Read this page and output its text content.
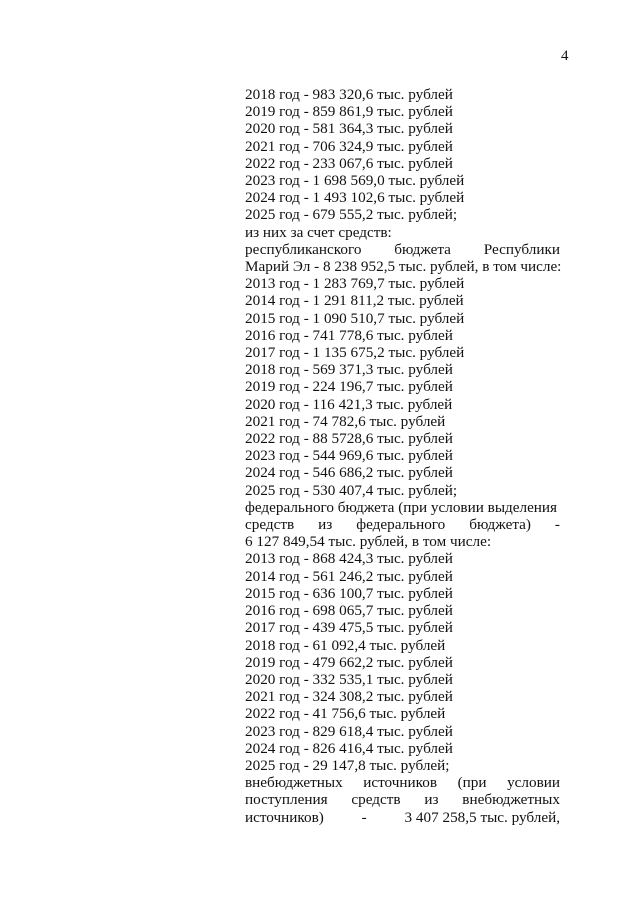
4
2018 год - 983 320,6 тыс. рублей
2019 год - 859 861,9 тыс. рублей
2020 год - 581 364,3 тыс. рублей
2021 год - 706 324,9 тыс. рублей
2022 год - 233 067,6 тыс. рублей
2023 год - 1 698 569,0 тыс. рублей
2024 год - 1 493 102,6 тыс. рублей
2025 год - 679 555,2 тыс. рублей;
из них за счет средств:
республиканского бюджета Республики
Марий Эл - 8 238 952,5 тыс. рублей, в том числе:
2013 год - 1 283 769,7 тыс. рублей
2014 год - 1 291 811,2 тыс. рублей
2015 год - 1 090 510,7 тыс. рублей
2016 год - 741 778,6 тыс. рублей
2017 год - 1 135 675,2 тыс. рублей
2018 год - 569 371,3 тыс. рублей
2019 год - 224 196,7 тыс. рублей
2020 год - 116 421,3 тыс. рублей
2021 год - 74 782,6 тыс. рублей
2022 год - 88 5728,6 тыс. рублей
2023 год - 544 969,6 тыс. рублей
2024 год - 546 686,2 тыс. рублей
2025 год - 530 407,4 тыс. рублей;
федерального бюджета (при условии выделения
средств из федерального бюджета) -
6 127 849,54 тыс. рублей, в том числе:
2013 год - 868 424,3 тыс. рублей
2014 год - 561 246,2 тыс. рублей
2015 год - 636 100,7 тыс. рублей
2016 год - 698 065,7 тыс. рублей
2017 год - 439 475,5 тыс. рублей
2018 год - 61 092,4 тыс. рублей
2019 год - 479 662,2 тыс. рублей
2020 год - 332 535,1 тыс. рублей
2021 год - 324 308,2 тыс. рублей
2022 год - 41 756,6 тыс. рублей
2023 год - 829 618,4 тыс. рублей
2024 год - 826 416,4 тыс. рублей
2025 год - 29 147,8 тыс. рублей;
внебюджетных источников (при условии
поступления средств из внебюджетных
источников) - 3 407 258,5 тыс. рублей,
